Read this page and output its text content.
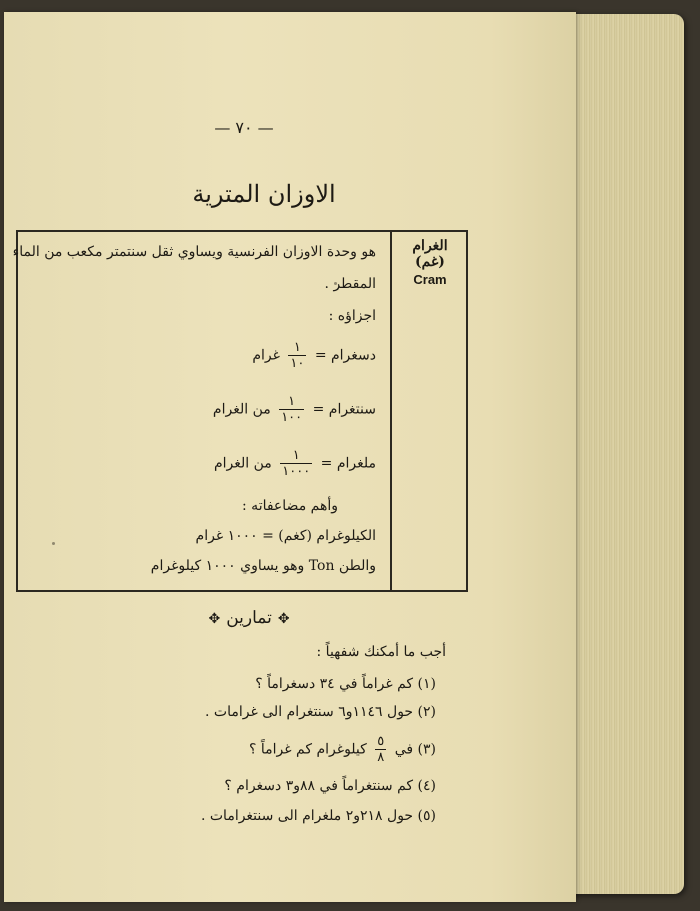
— ٧٠ —
الاوزان المترية
الغرام (غم)
Cram
هو وحدة الاوزان الفرنسية ويساوي ثقل سنتمتر مكعب من الماء
المقطر .
اجزاؤه :
دسغرام =
$\frac{١}{١٠}$
غرام
سنتغرام =
$\frac{١}{١٠٠}$
من الغرام
ملغرام =
$\frac{١}{١٠٠٠}$
من الغرام
وأهم مضاعفاته :
الكيلوغرام (كغم) = ١٠٠٠ غرام
والطن Ton وهو يساوي ١٠٠٠ كيلوغرام
✥تمارين✥
أجب ما أمكنك شفهياً :
(١) كم غراماً في ٣٤ دسغراماً ؟
(٢) حول ١١٤٦و٦ سنتغرام الى غرامات .
(٣) في
$\frac{٥}{٨}$
كيلوغرام كم غراماً ؟
(٤) كم سنتغراماً في ٨٨و٣ دسغرام ؟
(٥) حول ٢١٨و٢ ملغرام الى سنتغرامات .
